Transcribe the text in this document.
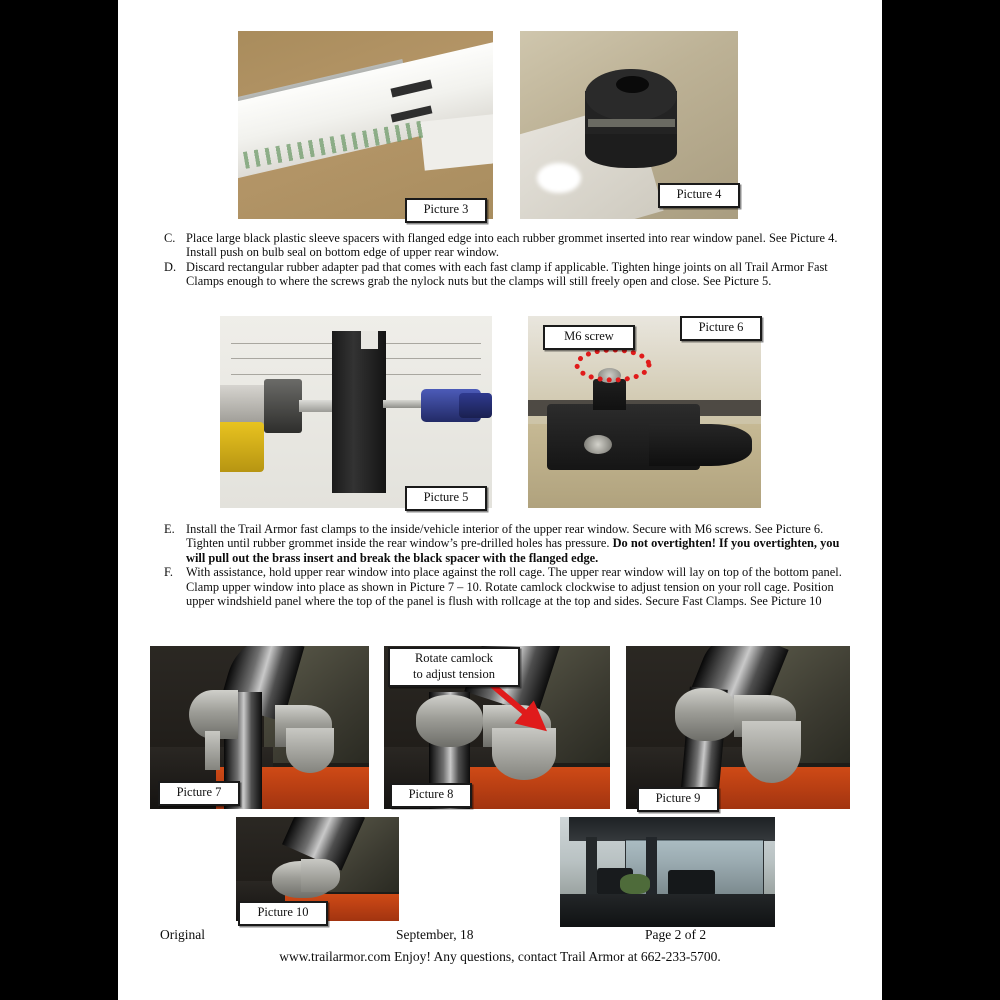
Picture 3
Picture 4
C. Place large black plastic sleeve spacers with flanged edge into each rubber grommet inserted into rear window panel. See Picture 4. Install push on bulb seal on bottom edge of upper rear window.
D. Discard rectangular rubber adapter pad that comes with each fast clamp if applicable. Tighten hinge joints on all Trail Armor Fast Clamps enough to where the screws grab the nylock nuts but the clamps will still freely open and close. See Picture 5.
Picture 5
M6 screw
Picture 6
E. Install the Trail Armor fast clamps to the inside/vehicle interior of the upper rear window. Secure with M6 screws. See Picture 6. Tighten until rubber grommet inside the rear window’s pre-drilled holes has pressure. Do not overtighten! If you overtighten, you will pull out the brass insert and break the black spacer with the flanged edge.
F. With assistance, hold upper rear window into place against the roll cage. The upper rear window will lay on top of the bottom panel. Clamp upper window into place as shown in Picture 7 – 10. Rotate camlock clockwise to adjust tension on your roll cage. Position upper windshield panel where the top of the panel is flush with rollcage at the top and sides. Secure Fast Clamps. See Picture 10
Picture 7
Rotate camlock
to adjust tension
Picture 8	Picture 9
Picture 10
Original	September, 18	Page 2 of 2
www.trailarmor.com Enjoy! Any questions, contact Trail Armor at 662-233-5700.
